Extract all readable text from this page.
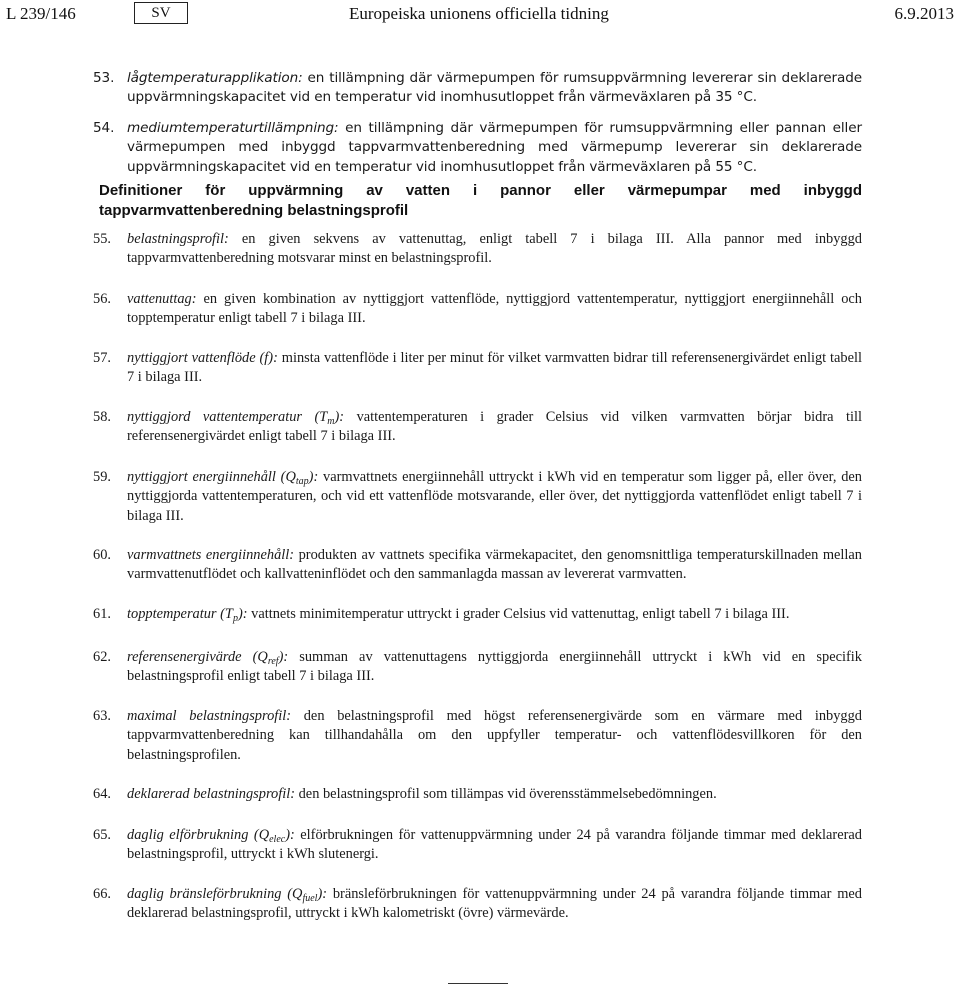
L 239/146	SV	Europeiska unionens officiella tidning	6.9.2013
53. lågtemperaturapplikation: en tillämpning där värmepumpen för rumsuppvärmning levererar sin deklarerade uppvärmningskapacitet vid en temperatur vid inomhusutloppet från värmeväxlaren på 35 °C.
54. mediumtemperaturtillämpning: en tillämpning där värmepumpen för rumsuppvärmning eller pannan eller värmepumpen med inbyggd tappvarmvattenberedning med värmepump levererar sin deklarerade uppvärmningskapacitet vid en temperatur vid inomhusutloppet från värmeväxlaren på 55 °C.
Definitioner för uppvärmning av vatten i pannor eller värmepumpar med inbyggd tappvarmvattenberedning belastningsprofil
55.	belastningsprofil: en given sekvens av vattenuttag, enligt tabell 7 i bilaga III. Alla pannor med inbyggd tappvarmvattenberedning motsvarar minst en belastningsprofil.
56.	vattenuttag: en given kombination av nyttiggjort vattenflöde, nyttiggjord vattentemperatur, nyttiggjort energiinnehåll och topptemperatur enligt tabell 7 i bilaga III.
57.	nyttiggjort vattenflöde (f): minsta vattenflöde i liter per minut för vilket varmvatten bidrar till referensenergivärdet enligt tabell 7 i bilaga III.
58.	nyttiggjord vattentemperatur $(T_m)$: vattentemperaturen i grader Celsius vid vilken varmvatten börjar bidra till referensenergivärdet enligt tabell 7 i bilaga III.
59.	nyttiggjort energiinnehåll $(Q_{tap})$: varmvattnets energiinnehåll uttryckt i kWh vid en temperatur som ligger på, eller över, den nyttiggjorda vattentemperaturen, och vid ett vattenflöde motsvarande, eller över, det nyttiggjorda vattenflödet enligt tabell 7 i bilaga III.
60.	varmvattnets energiinnehåll: produkten av vattnets specifika värmekapacitet, den genomsnittliga temperaturskillnaden mellan varmvattenutflödet och kallvatteninflödet och den sammanlagda massan av levererat varmvatten.
61.	topptemperatur $(T_p)$: vattnets minimitemperatur uttryckt i grader Celsius vid vattenuttag, enligt tabell 7 i bilaga III.
62.	referensenergivärde $(Q_{ref})$: summan av vattenuttagens nyttiggjorda energiinnehåll uttryckt i kWh vid en specifik belastningsprofil enligt tabell 7 i bilaga III.
63.	maximal belastningsprofil: den belastningsprofil med högst referensenergivärde som en värmare med inbyggd tappvarmvattenberedning kan tillhandahålla om den uppfyller temperatur- och vattenflödesvillkoren för den belastningsprofilen.
64.	deklarerad belastningsprofil: den belastningsprofil som tillämpas vid överensstämmelsebedömningen.
65.	daglig elförbrukning $(Q_{elec})$: elförbrukningen för vattenuppvärmning under 24 på varandra följande timmar med deklarerad belastningsprofil, uttryckt i kWh slutenergi.
66.	daglig bränsleförbrukning $(Q_{fuel})$: bränsleförbrukningen för vattenuppvärmning under 24 på varandra följande timmar med deklarerad belastningsprofil, uttryckt i kWh kalometriskt (övre) värmevärde.
